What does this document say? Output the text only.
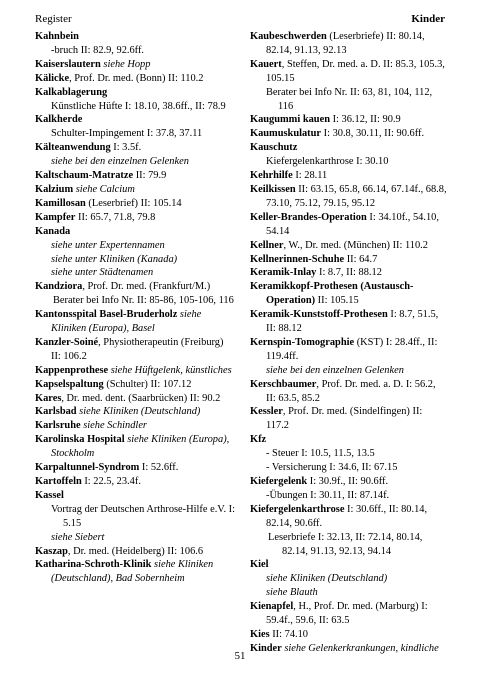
Register	Kinder
Kahnbein
-bruch II: 82.9, 92.6ff.
Kaiserslautern siehe Hopp
Kälicke, Prof. Dr. med. (Bonn) II: 110.2
Kalkablagerung
Künstliche Hüfte I: 18.10, 38.6ff., II: 78.9
Kalkherde
Schulter-Impingement I: 37.8, 37.11
Kälteanwendung I: 3.5f.
siehe bei den einzelnen Gelenken
Kaltschaum-Matratze II: 79.9
Kalzium siehe Calcium
Kamillosan (Leserbrief) II: 105.14
Kampfer II: 65.7, 71.8, 79.8
Kanada
siehe unter Expertennamen
siehe unter Kliniken (Kanada)
siehe unter Städtenamen
Kandziora, Prof. Dr. med. (Frankfurt/M.)
Berater bei Info Nr. II: 85-86, 105-106, 116
Kantonsspital Basel-Bruderholz siehe Kliniken (Europa), Basel
Kanzler-Soiné, Physiotherapeutin (Freiburg) II: 106.2
Kappenprothese siehe Hüftgelenk, künstliches
Kapselspaltung (Schulter) II: 107.12
Kares, Dr. med. dent. (Saarbrücken) II: 90.2
Karlsbad siehe Kliniken (Deutschland)
Karlsruhe siehe Schindler
Karolinska Hospital siehe Kliniken (Europa), Stockholm
Karpaltunnel-Syndrom I: 52.6ff.
Kartoffeln I: 22.5, 23.4f.
Kassel
Vortrag der Deutschen Arthrose-Hilfe e.V. I: 5.15
siehe Siebert
Kaszap, Dr. med. (Heidelberg) II: 106.6
Katharina-Schroth-Klinik siehe Kliniken (Deutschland), Bad Sobernheim
Kaubeschwerden (Leserbriefe) II: 80.14, 82.14, 91.13, 92.13
Kauert, Steffen, Dr. med. a. D. II: 85.3, 105.3, 105.15
Berater bei Info Nr. II: 63, 81, 104, 112, 116
Kaugummi kauen I: 36.12, II: 90.9
Kaumuskulatur I: 30.8, 30.11, II: 90.6ff.
Kauschutz
Kiefergelenkarthrose I: 30.10
Kehrhilfe I: 28.11
Keilkissen II: 63.15, 65.8, 66.14, 67.14f., 68.8, 73.10, 75.12, 79.15, 95.12
Keller-Brandes-Operation I: 34.10f., 54.10, 54.14
Kellner, W., Dr. med. (München) II: 110.2
Kellnerinnen-Schuhe II: 64.7
Keramik-Inlay I: 8.7, II: 88.12
Keramikkopf-Prothesen (Austausch-Operation) II: 105.15
Keramik-Kunststoff-Prothesen I: 8.7, 51.5, II: 88.12
Kernspin-Tomographie (KST) I: 28.4ff., II: 119.4ff.
siehe bei den einzelnen Gelenken
Kerschbaumer, Prof. Dr. med. a. D. I: 56.2, II: 63.5, 85.2
Kessler, Prof. Dr. med. (Sindelfingen) II: 117.2
Kfz
- Steuer I: 10.5, 11.5, 13.5
- Versicherung I: 34.6, II: 67.15
Kiefergelenk I: 30.9f., II: 90.6ff.
-Übungen I: 30.11, II: 87.14f.
Kiefergelenkarthrose I: 30.6ff., II: 80.14, 82.14, 90.6ff.
Leserbriefe I: 32.13, II: 72.14, 80.14, 82.14, 91.13, 92.13, 94.14
Kiel
siehe Kliniken (Deutschland)
siehe Blauth
Kienapfel, H., Prof. Dr. med. (Marburg) I: 59.4f., 59.6, II: 63.5
Kies II: 74.10
Kinder siehe Gelenkerkrankungen, kindliche
51
